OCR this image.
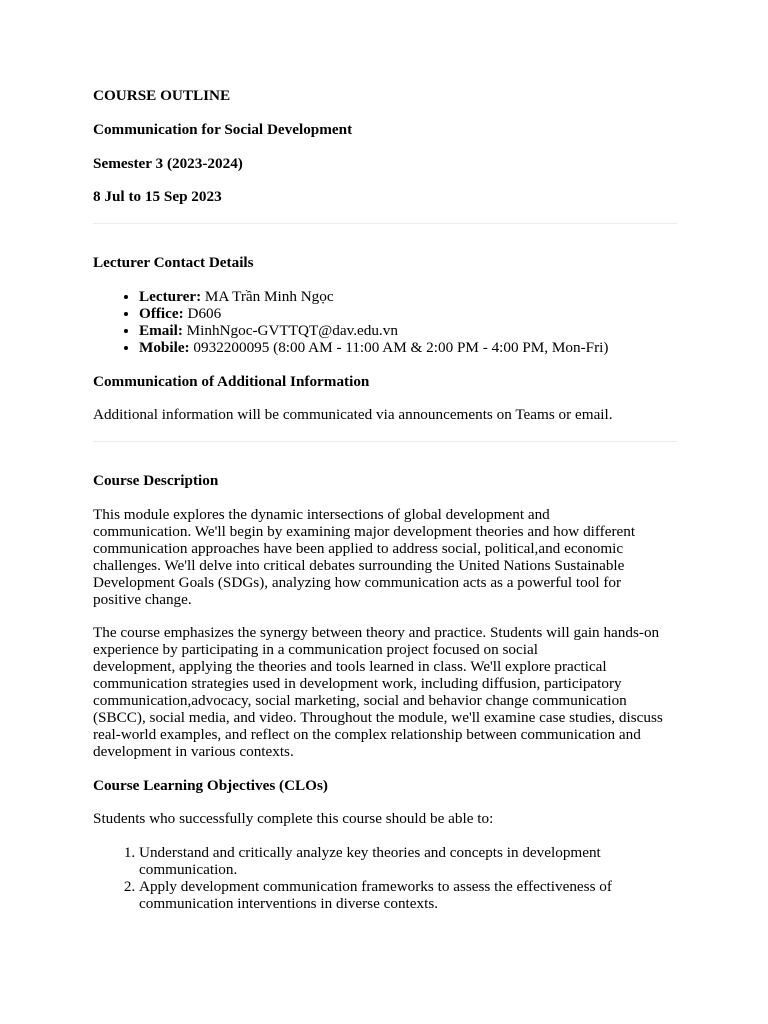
COURSE OUTLINE

Communication for Social Development

Semester 3 (2023-2024)

8 Jul to 15 Sep 2023

Lecturer Contact Details

• Lecturer: MA Trần Minh Ngọc
• Office: D606
• Email: MinhNgoc-GVTTQT@dav.edu.vn
• Mobile: 0932200095 (8:00 AM - 11:00 AM & 2:00 PM - 4:00 PM, Mon-Fri)

Communication of Additional Information

Additional information will be communicated via announcements on Teams or email.

Course Description

This module explores the dynamic intersections of global development and
communication. We'll begin by examining major development theories and how different
communication approaches have been applied to address social, political,and economic
challenges. We'll delve into critical debates surrounding the United Nations Sustainable
Development Goals (SDGs), analyzing how communication acts as a powerful tool for
positive change.

The course emphasizes the synergy between theory and practice. Students will gain hands-on
experience by participating in a communication project focused on social
development, applying the theories and tools learned in class. We'll explore practical
communication strategies used in development work, including diffusion, participatory
communication,advocacy, social marketing, social and behavior change communication
(SBCC), social media, and video. Throughout the module, we'll examine case studies, discuss
real-world examples, and reflect on the complex relationship between communication and
development in various contexts.

Course Learning Objectives (CLOs)

Students who successfully complete this course should be able to:

1. Understand and critically analyze key theories and concepts in development
communication.
2. Apply development communication frameworks to assess the effectiveness of
communication interventions in diverse contexts.
